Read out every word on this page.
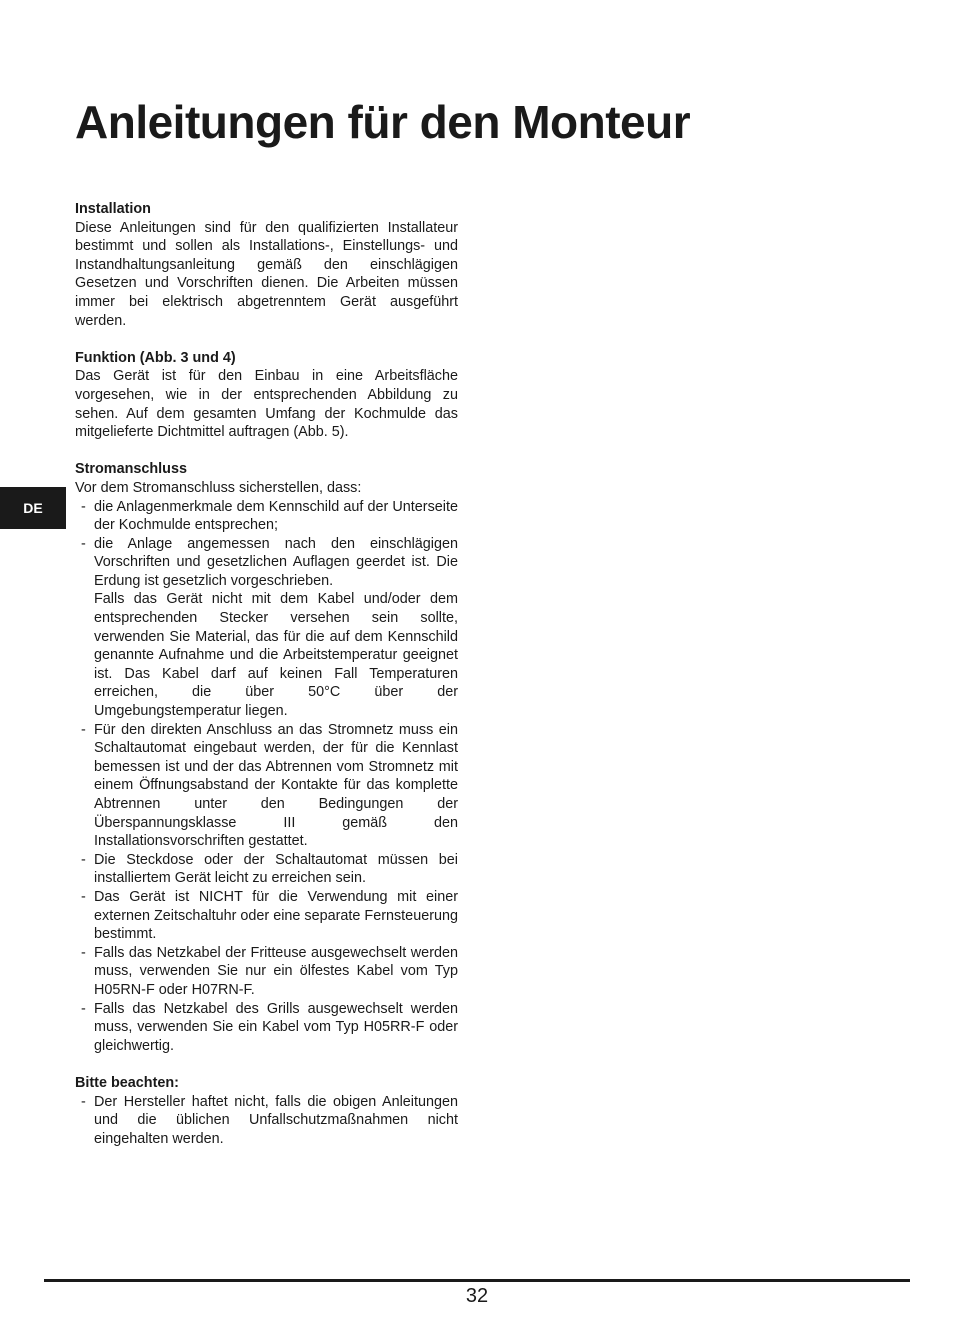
Anleitungen für den Monteur
DE

Installation

Diese Anleitungen sind für den qualifizierten Installateur bestimmt und sollen als Installations-, Einstellungs- und Instandhaltungsanleitung gemäß den einschlägigen Gesetzen und Vorschriften dienen. Die Arbeiten müssen immer bei elektrisch abgetrenntem Gerät ausgeführt werden.

Funktion (Abb. 3 und 4)

Das Gerät ist für den Einbau in eine Arbeitsfläche vorgesehen, wie in der entsprechenden Abbildung zu sehen. Auf dem gesamten Umfang der Kochmulde das mitgelieferte Dichtmittel auftragen (Abb. 5).

Stromanschluss

Vor dem Stromanschluss sicherstellen, dass:

- die Anlagenmerkmale dem Kennschild auf der Unterseite der Kochmulde entsprechen;
- die Anlage angemessen nach den einschlägigen Vorschriften und gesetzlichen Auflagen geerdet ist. Die Erdung ist gesetzlich vorgeschrieben.
Falls das Gerät nicht mit dem Kabel und/oder dem entsprechenden Stecker versehen sein sollte, verwenden Sie Material, das für die auf dem Kennschild genannte Aufnahme und die Arbeitstemperatur geeignet ist. Das Kabel darf auf keinen Fall Temperaturen erreichen, die über 50°C über der Umgebungstemperatur liegen.
- Für den direkten Anschluss an das Stromnetz muss ein Schaltautomat eingebaut werden, der für die Kennlast bemessen ist und der das Abtrennen vom Stromnetz mit einem Öffnungsabstand der Kontakte für das komplette Abtrennen unter den Bedingungen der Überspannungsklasse III gemäß den Installationsvorschriften gestattet.
- Die Steckdose oder der Schaltautomat müssen bei installiertem Gerät leicht zu erreichen sein.
- Das Gerät ist NICHT für die Verwendung mit einer externen Zeitschaltuhr oder eine separate Fernsteuerung bestimmt.
- Falls das Netzkabel der Fritteuse ausgewechselt werden muss, verwenden Sie nur ein ölfestes Kabel vom Typ H05RN-F oder H07RN-F.
- Falls das Netzkabel des Grills ausgewechselt werden muss, verwenden Sie ein Kabel vom Typ H05RR-F oder gleichwertig.

Bitte beachten:

- Der Hersteller haftet nicht, falls die obigen Anleitungen und die üblichen Unfallschutzmaßnahmen nicht eingehalten werden.
32
